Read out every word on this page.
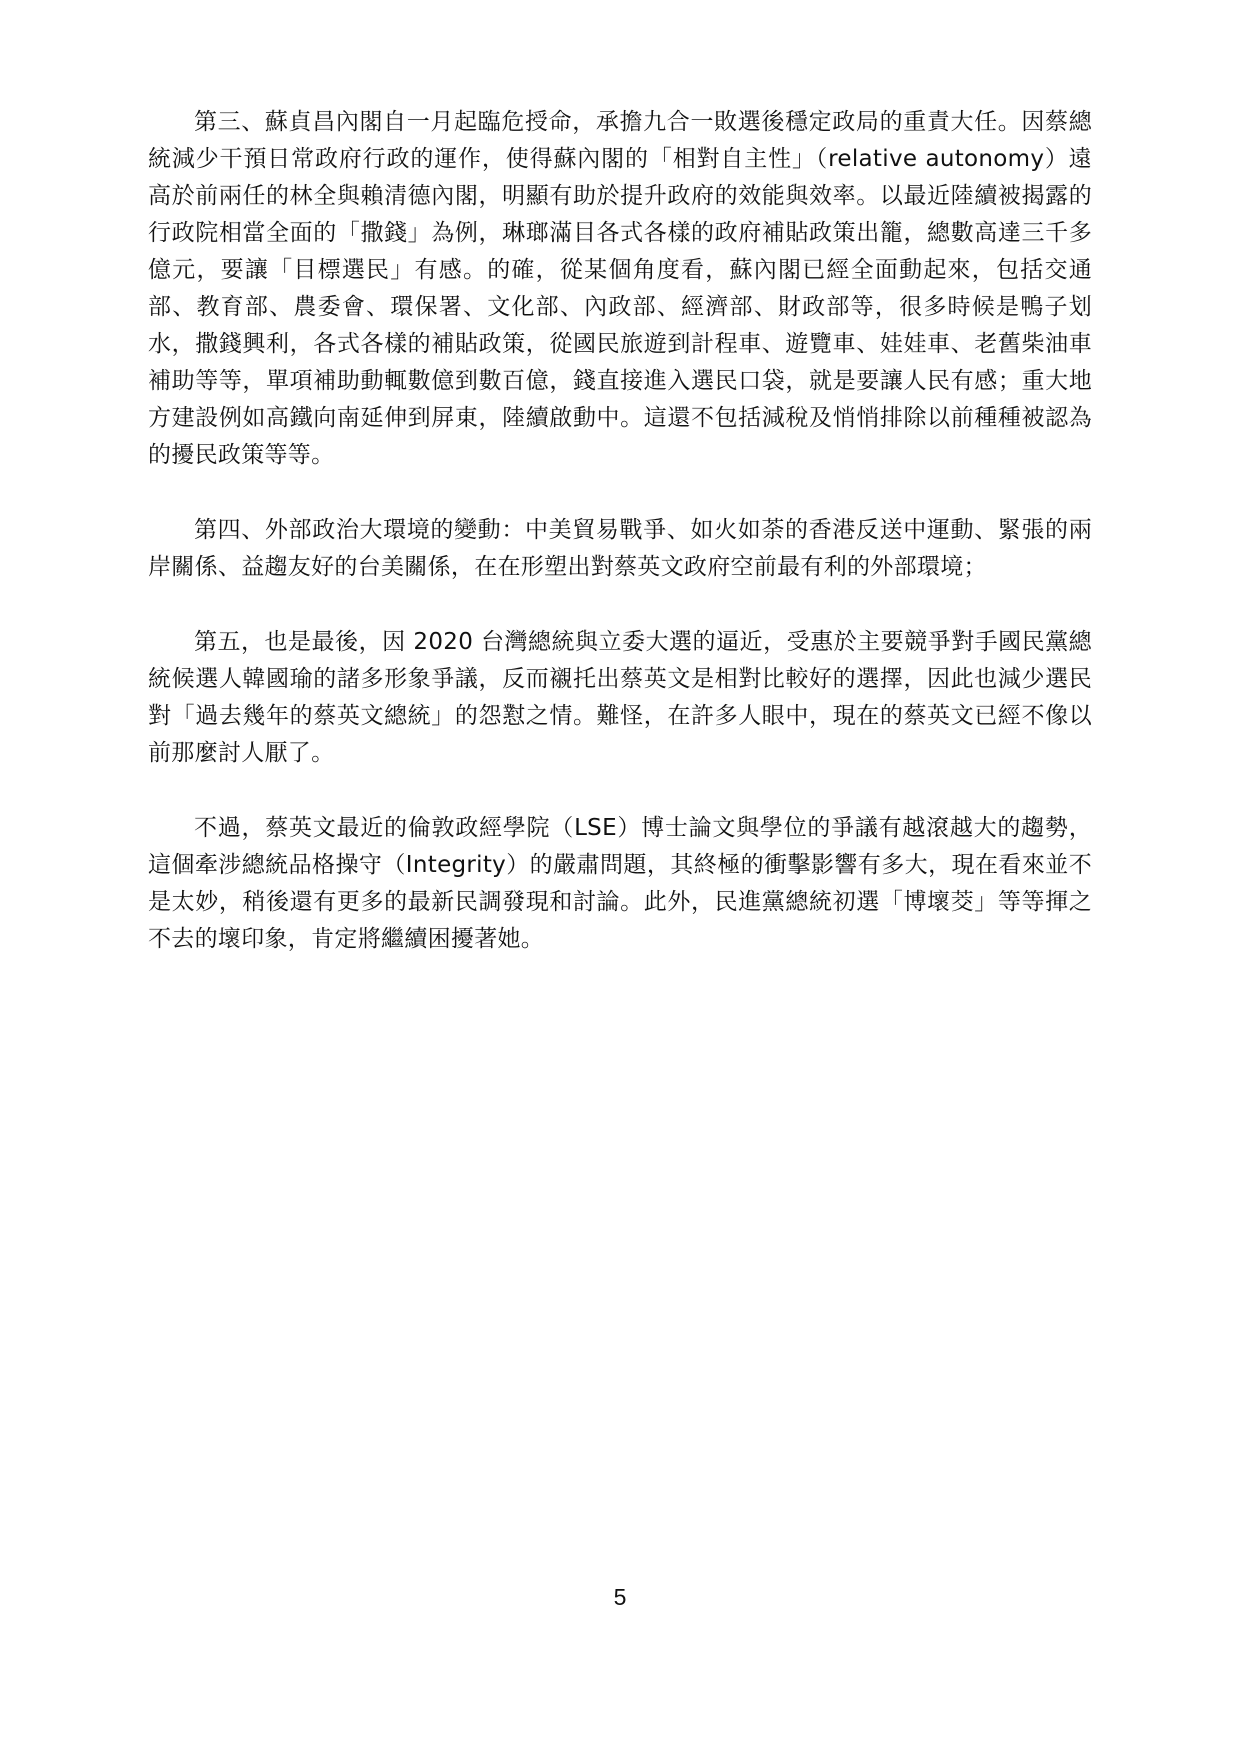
第三、蘇貞昌內閣自一月起臨危授命，承擔九合一敗選後穩定政局的重責大任。因蔡總統減少干預日常政府行政的運作，使得蘇內閣的「相對自主性」（relative autonomy）遠高於前兩任的林全與賴清德內閣，明顯有助於提升政府的效能與效率。以最近陸續被揭露的行政院相當全面的「撒錢」為例，琳瑯滿目各式各樣的政府補貼政策出籠，總數高達三千多億元，要讓「目標選民」有感。的確，從某個角度看，蘇內閣已經全面動起來，包括交通部、教育部、農委會、環保署、文化部、內政部、經濟部、財政部等，很多時候是鴨子划水，撒錢興利，各式各樣的補貼政策，從國民旅遊到計程車、遊覽車、娃娃車、老舊柴油車補助等等，單項補助動輒數億到數百億，錢直接進入選民口袋，就是要讓人民有感；重大地方建設例如高鐵向南延伸到屏東，陸續啟動中。這還不包括減稅及悄悄排除以前種種被認為的擾民政策等等。

第四、外部政治大環境的變動：中美貿易戰爭、如火如荼的香港反送中運動、緊張的兩岸關係、益趨友好的台美關係，在在形塑出對蔡英文政府空前最有利的外部環境；

第五，也是最後，因 2020 台灣總統與立委大選的逼近，受惠於主要競爭對手國民黨總統候選人韓國瑜的諸多形象爭議，反而襯托出蔡英文是相對比較好的選擇，因此也減少選民對「過去幾年的蔡英文總統」的怨懟之情。難怪，在許多人眼中，現在的蔡英文已經不像以前那麼討人厭了。

不過，蔡英文最近的倫敦政經學院（LSE）博士論文與學位的爭議有越滾越大的趨勢，這個牽涉總統品格操守（Integrity）的嚴肅問題，其終極的衝擊影響有多大，現在看來並不是太妙，稍後還有更多的最新民調發現和討論。此外，民進黨總統初選「博壞茭」等等揮之不去的壞印象，肯定將繼續困擾著她。

5
